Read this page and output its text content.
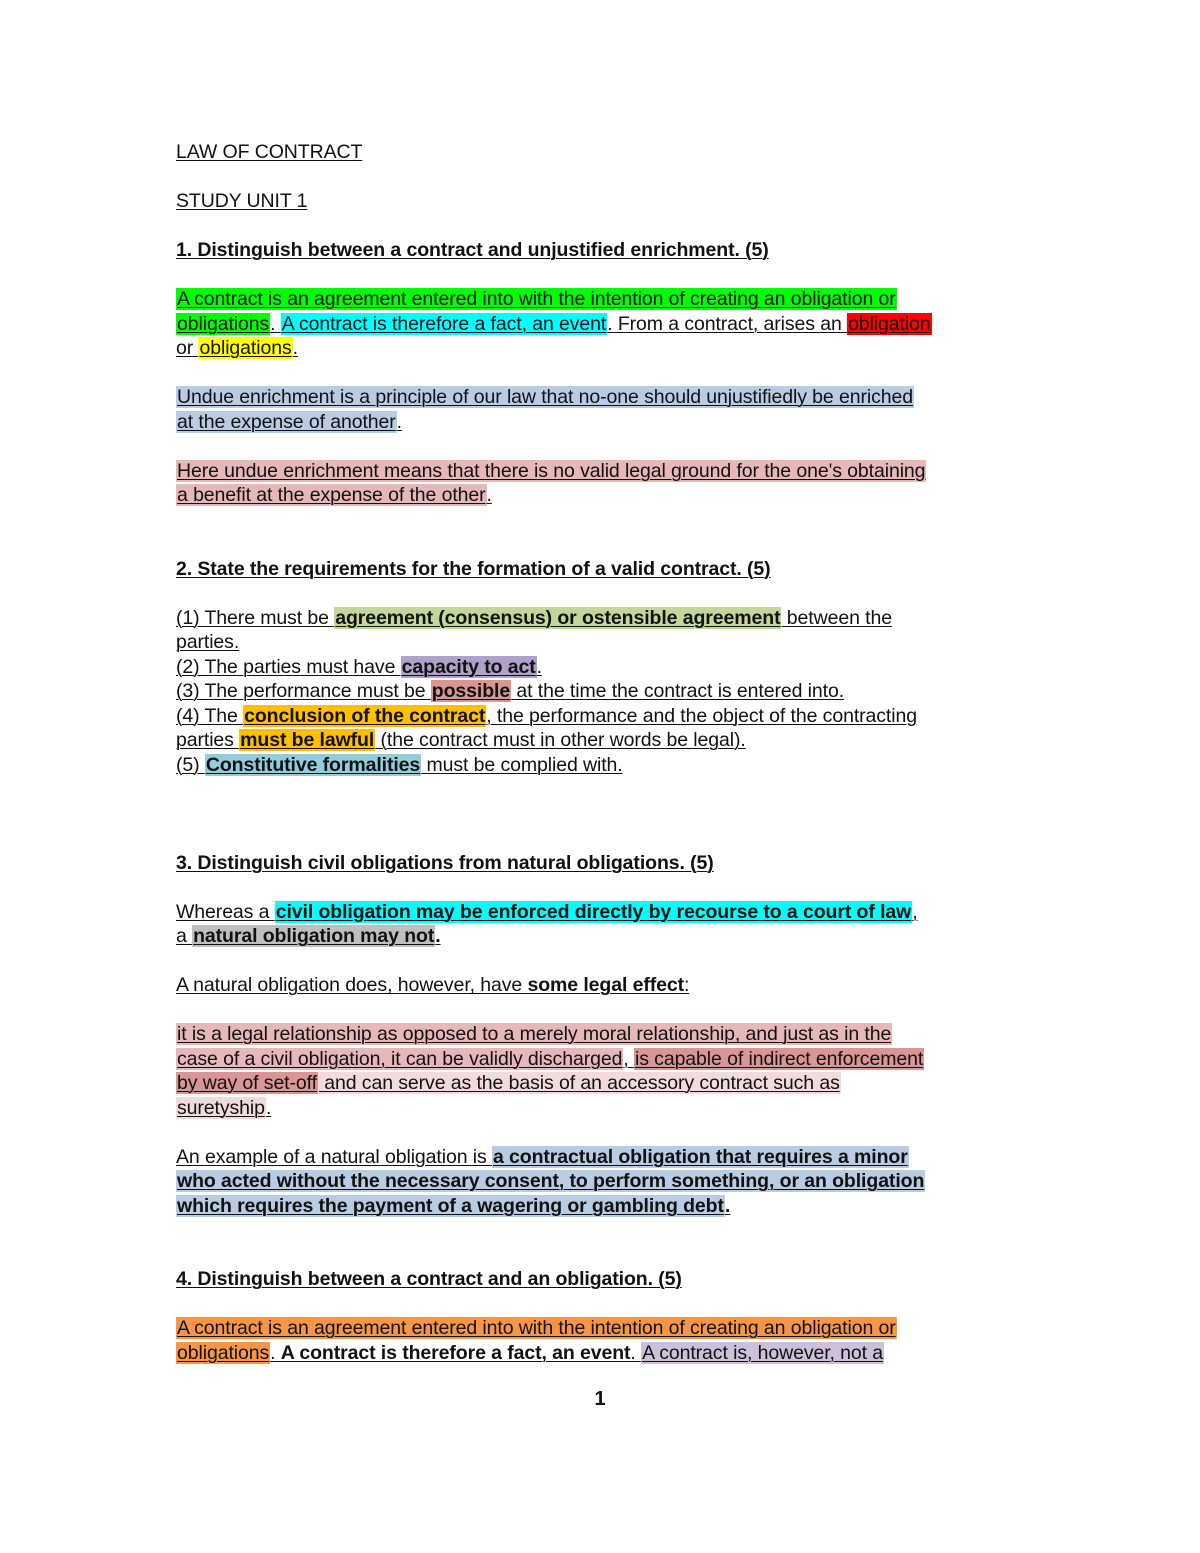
LAW OF CONTRACT
STUDY UNIT 1
1. Distinguish between a contract and unjustified enrichment. (5)
A contract is an agreement entered into with the intention of creating an obligation or
obligations. A contract is therefore a fact, an event. From a contract, arises an obligation
or obligations.
Undue enrichment is a principle of our law that no-one should unjustifiedly be enriched
at the expense of another.
Here undue enrichment means that there is no valid legal ground for the one's obtaining
a benefit at the expense of the other.
2. State the requirements for the formation of a valid contract. (5)
(1) There must be agreement (consensus) or ostensible agreement between the
parties.
(2) The parties must have capacity to act.
(3) The performance must be possible at the time the contract is entered into.
(4) The conclusion of the contract, the performance and the object of the contracting
parties must be lawful (the contract must in other words be legal).
(5) Constitutive formalities must be complied with.
3. Distinguish civil obligations from natural obligations. (5)
Whereas a civil obligation may be enforced directly by recourse to a court of law,
a natural obligation may not.
A natural obligation does, however, have some legal effect:
it is a legal relationship as opposed to a merely moral relationship, and just as in the
case of a civil obligation, it can be validly discharged, is capable of indirect enforcement
by way of set-off and can serve as the basis of an accessory contract such as
suretyship.
An example of a natural obligation is a contractual obligation that requires a minor
who acted without the necessary consent, to perform something, or an obligation
which requires the payment of a wagering or gambling debt.
4. Distinguish between a contract and an obligation. (5)
A contract is an agreement entered into with the intention of creating an obligation or
obligations. A contract is therefore a fact, an event. A contract is, however, not a
1
